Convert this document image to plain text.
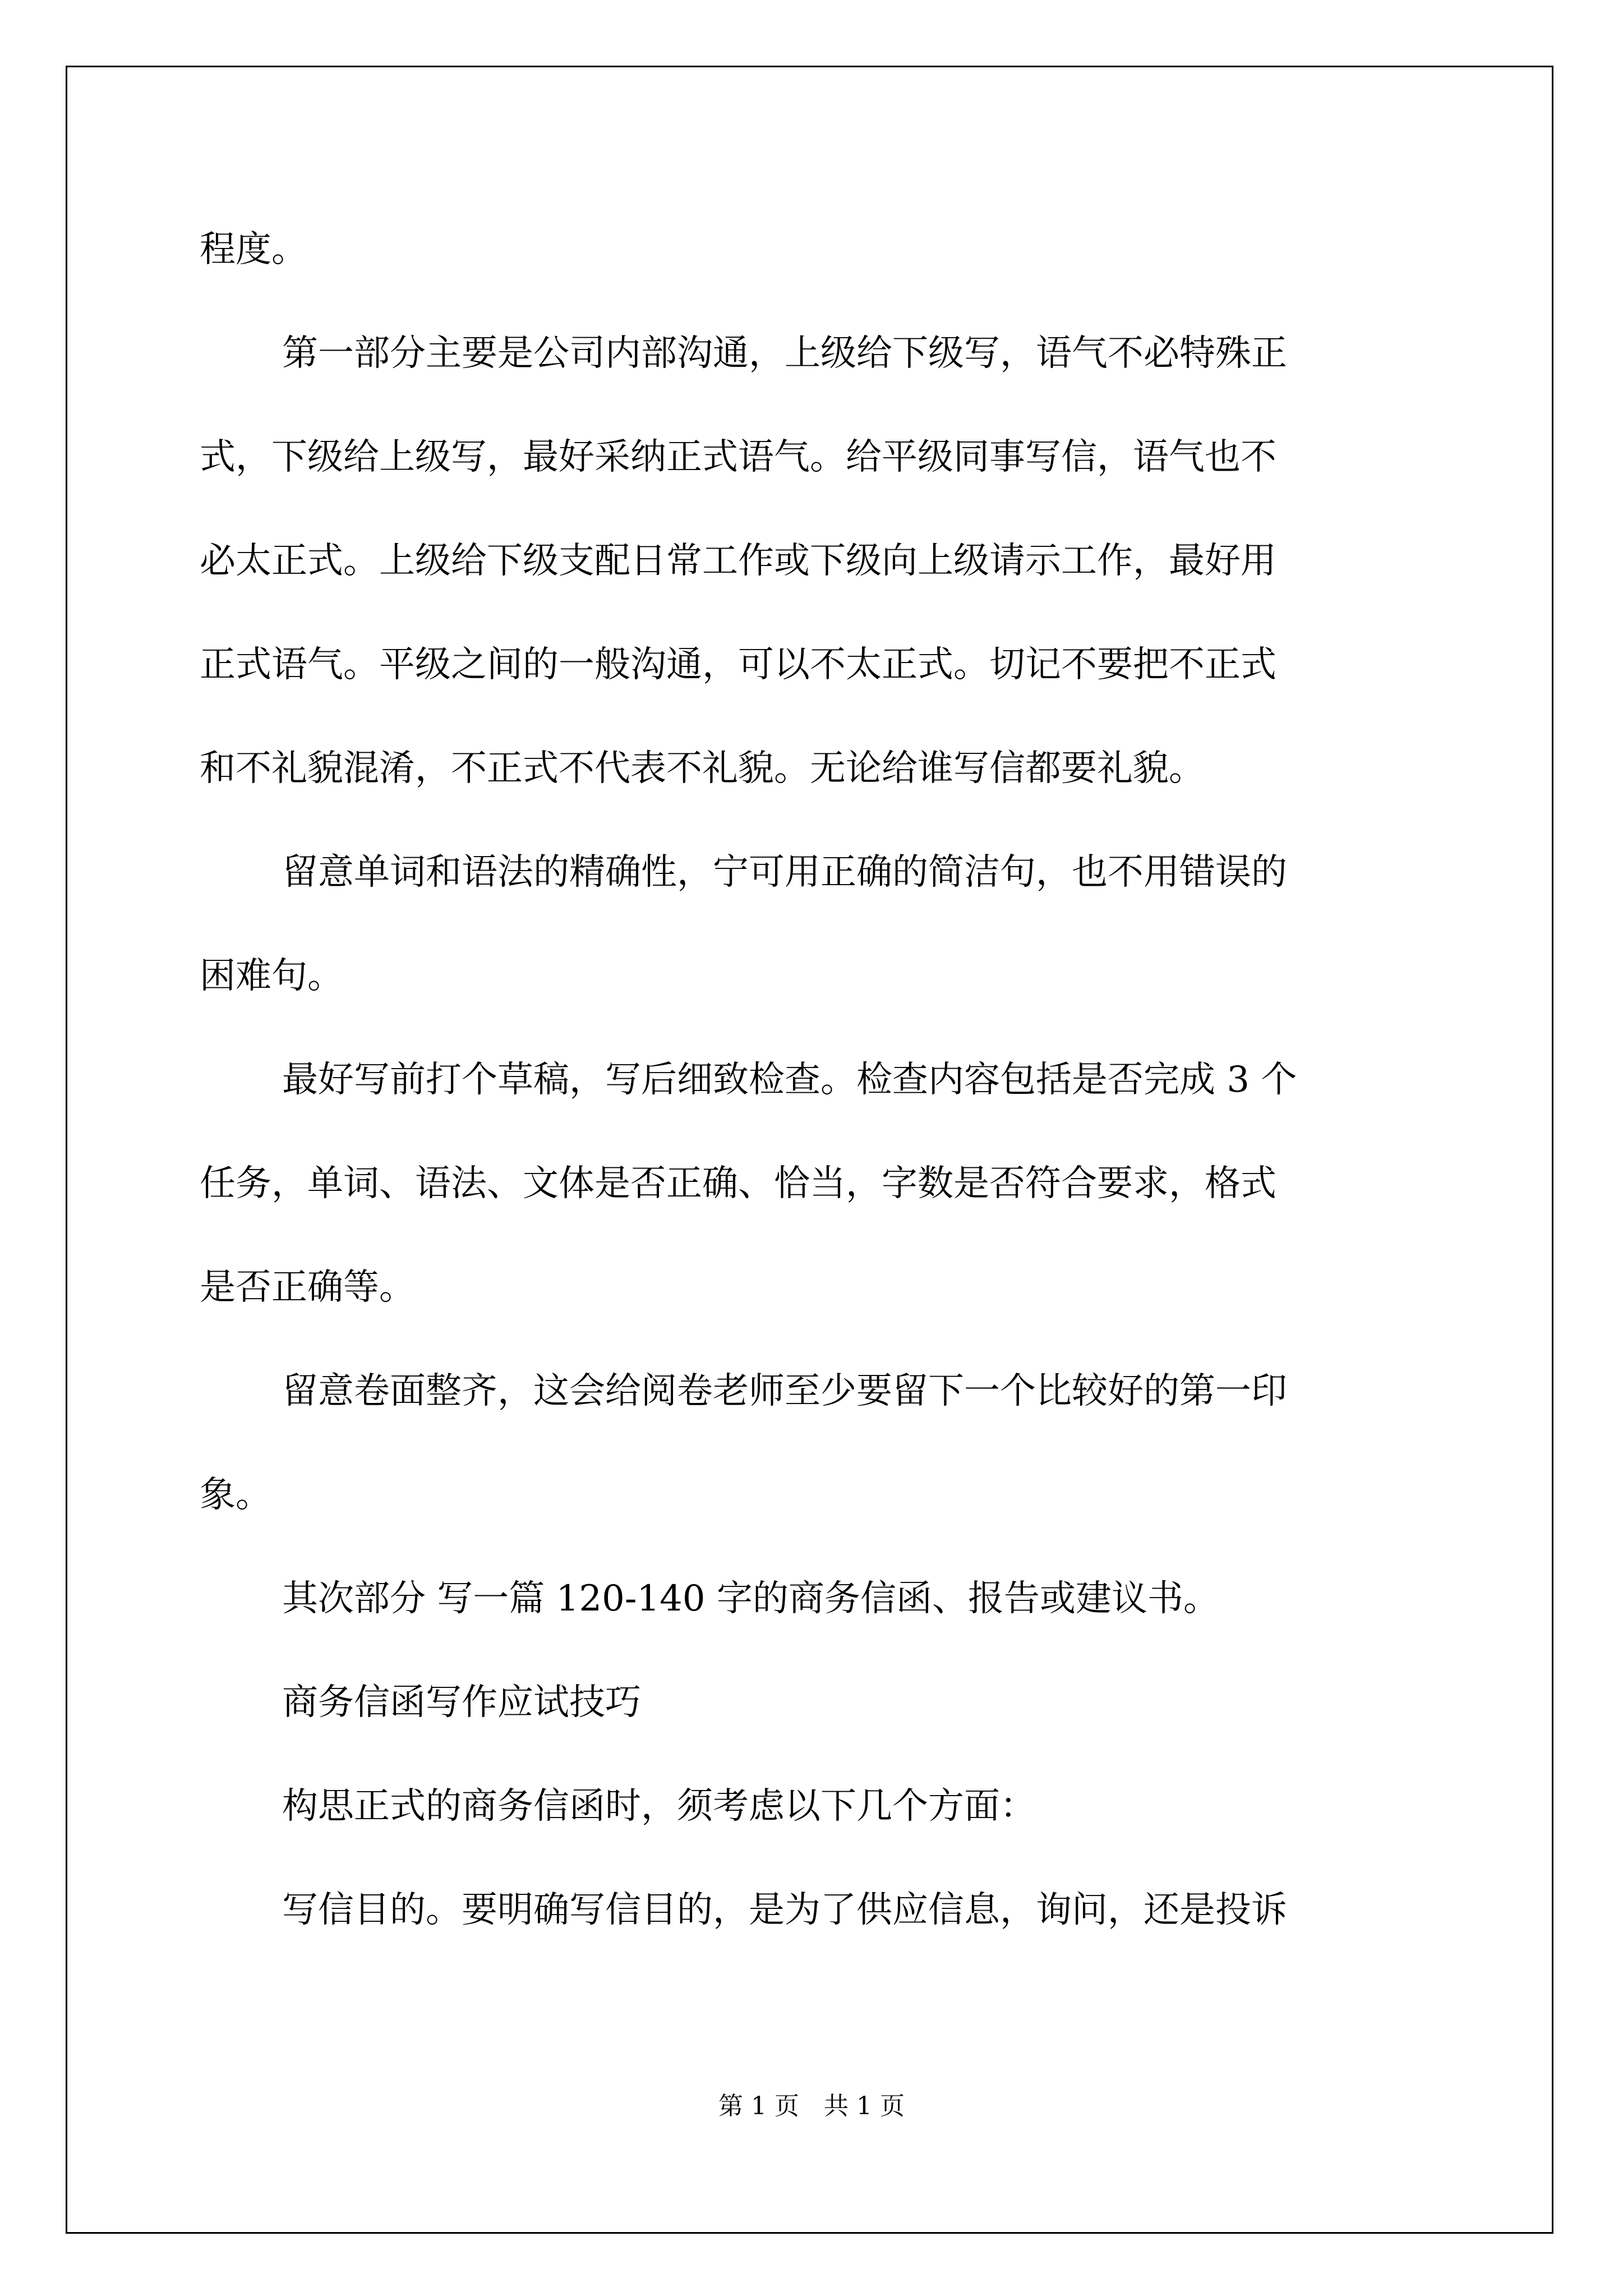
程度。
第一部分主要是公司内部沟通，上级给下级写，语气不必特殊正
式，下级给上级写，最好采纳正式语气。给平级同事写信，语气也不
必太正式。上级给下级支配日常工作或下级向上级请示工作，最好用
正式语气。平级之间的一般沟通，可以不太正式。切记不要把不正式
和不礼貌混淆，不正式不代表不礼貌。无论给谁写信都要礼貌。
留意单词和语法的精确性，宁可用正确的简洁句，也不用错误的
困难句。
最好写前打个草稿，写后细致检查。检查内容包括是否完成 3 个
任务，单词、语法、文体是否正确、恰当，字数是否符合要求，格式
是否正确等。
留意卷面整齐，这会给阅卷老师至少要留下一个比较好的第一印
象。
其次部分 写一篇 120-140 字的商务信函、报告或建议书。
商务信函写作应试技巧
构思正式的商务信函时，须考虑以下几个方面：
写信目的。要明确写信目的，是为了供应信息，询问，还是投诉
第 1 页　共 1 页
